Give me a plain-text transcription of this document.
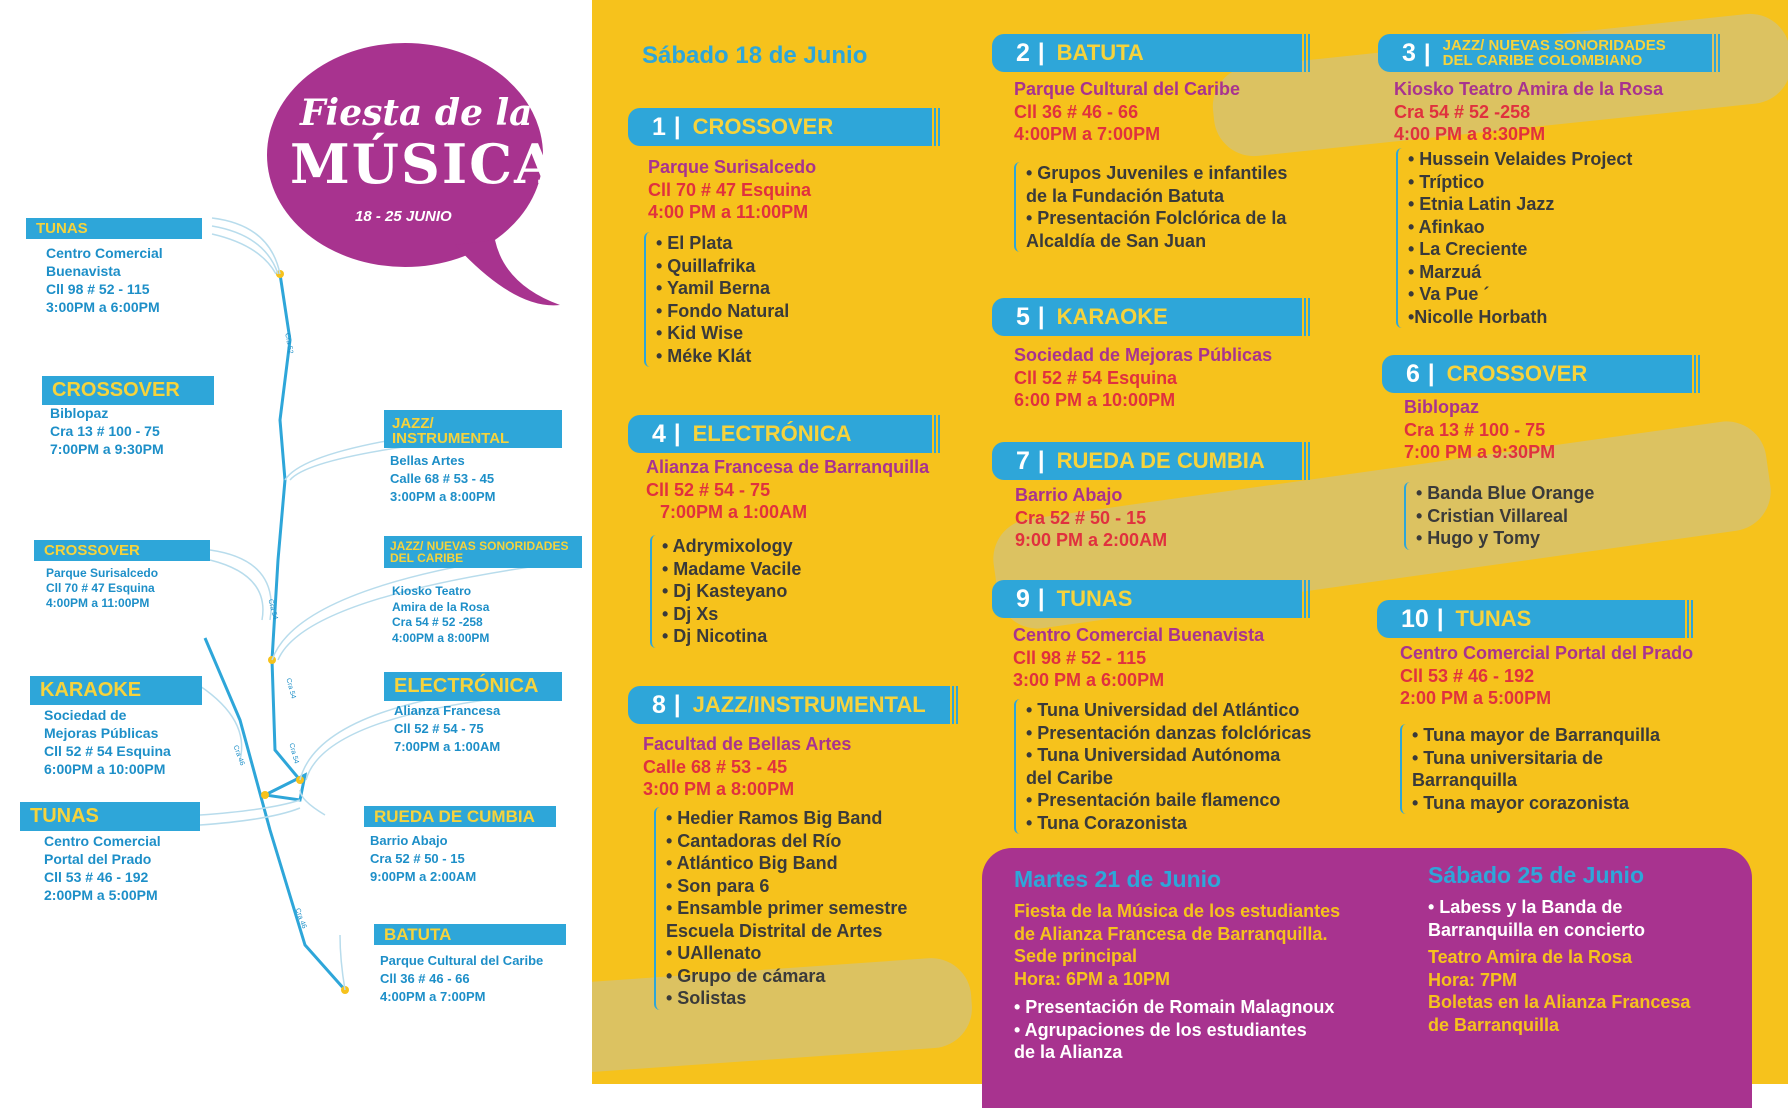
Fiesta de la
MÚSICA
18 - 25 JUNIO
Cra 52
Cra 54
Cra 54
Cra 54
Cra 46
Cra 46
TUNAS
Centro Comercial
Buenavista
Cll 98 # 52 - 115
3:00PM a 6:00PM
CROSSOVER
Biblopaz
Cra 13 # 100 - 75
7:00PM a 9:30PM
JAZZ/ INSTRUMENTAL
Bellas Artes
Calle 68 # 53 - 45
3:00PM a 8:00PM
CROSSOVER
Parque Surisalcedo
Cll 70 # 47 Esquina
4:00PM a 11:00PM
JAZZ/ NUEVAS SONORIDADES DEL CARIBE
Kiosko Teatro
Amira de la Rosa
Cra 54 # 52 -258
4:00PM a 8:00PM
KARAOKE
Sociedad de
Mejoras Públicas
Cll 52 # 54 Esquina
6:00PM a 10:00PM
ELECTRÓNICA
Alianza Francesa
Cll 52 # 54 - 75
7:00PM a 1:00AM
TUNAS
Centro Comercial
Portal del Prado
Cll 53 # 46 - 192
2:00PM a 5:00PM
RUEDA DE CUMBIA
Barrio Abajo
Cra 52 # 50 - 15
9:00PM a 2:00AM
BATUTA
Parque Cultural del Caribe
Cll 36 # 46 - 66
4:00PM a 7:00PM
Sábado 18 de Junio
1 | CROSSOVER
Parque Surisalcedo
Cll 70 # 47 Esquina
4:00 PM a 11:00PM
• El Plata
• Quillafrika
• Yamil Berna
• Fondo Natural
• Kid Wise
• Méke Klát
4 | ELECTRÓNICA
Alianza Francesa de Barranquilla
Cll 52 # 54 - 75
7:00PM a 1:00AM
• Adrymixology
• Madame Vacile
• Dj Kasteyano
• Dj Xs
• Dj Nicotina
8 | JAZZ/INSTRUMENTAL
Facultad de Bellas Artes
Calle 68 # 53 - 45
3:00 PM a 8:00PM
• Hedier Ramos Big Band
• Cantadoras del Río
• Atlántico Big Band
• Son para 6
• Ensamble primer semestre
Escuela Distrital de Artes
• UAllenato
• Grupo de cámara
• Solistas
2 | BATUTA
Parque Cultural del Caribe
Cll 36 # 46 - 66
4:00PM a 7:00PM
• Grupos Juveniles e infantiles
de la Fundación Batuta
• Presentación Folclórica de la
Alcaldía de San Juan
5 | KARAOKE
Sociedad de Mejoras Públicas
Cll 52 # 54 Esquina
6:00 PM a 10:00PM
7 | RUEDA DE CUMBIA
Barrio Abajo
Cra 52 # 50 - 15
9:00 PM a 2:00AM
9 | TUNAS
Centro Comercial Buenavista
Cll 98 # 52 - 115
3:00 PM a 6:00PM
• Tuna Universidad del Atlántico
• Presentación danzas folclóricas
• Tuna Universidad Autónoma
del Caribe
• Presentación baile flamenco
• Tuna Corazonista
3 | JAZZ/ NUEVAS SONORIDADES
DEL CARIBE COLOMBIANO
Kiosko Teatro Amira de la Rosa
Cra 54 # 52 -258
4:00 PM a 8:30PM
• Hussein Velaides Project
• Tríptico
• Etnia Latin Jazz
• Afinkao
• La Creciente
• Marzuá
• Va Pue ´
•Nicolle Horbath
6 | CROSSOVER
Biblopaz
Cra 13 # 100 - 75
7:00 PM a 9:30PM
• Banda Blue Orange
• Cristian Villareal
• Hugo y Tomy
10 | TUNAS
Centro Comercial Portal del Prado
Cll 53 # 46 - 192
2:00 PM a 5:00PM
• Tuna mayor de Barranquilla
• Tuna universitaria de
Barranquilla
• Tuna mayor corazonista
Martes 21 de Junio
Fiesta de la Música de los estudiantes
de Alianza Francesa de Barranquilla.
Sede principal
Hora: 6PM a 10PM
• Presentación de Romain Malagnoux
• Agrupaciones de los estudiantes
de la Alianza
Sábado 25 de Junio
• Labess y la Banda de
Barranquilla en concierto
Teatro Amira de la Rosa
Hora: 7PM
Boletas en la Alianza Francesa
de Barranquilla
